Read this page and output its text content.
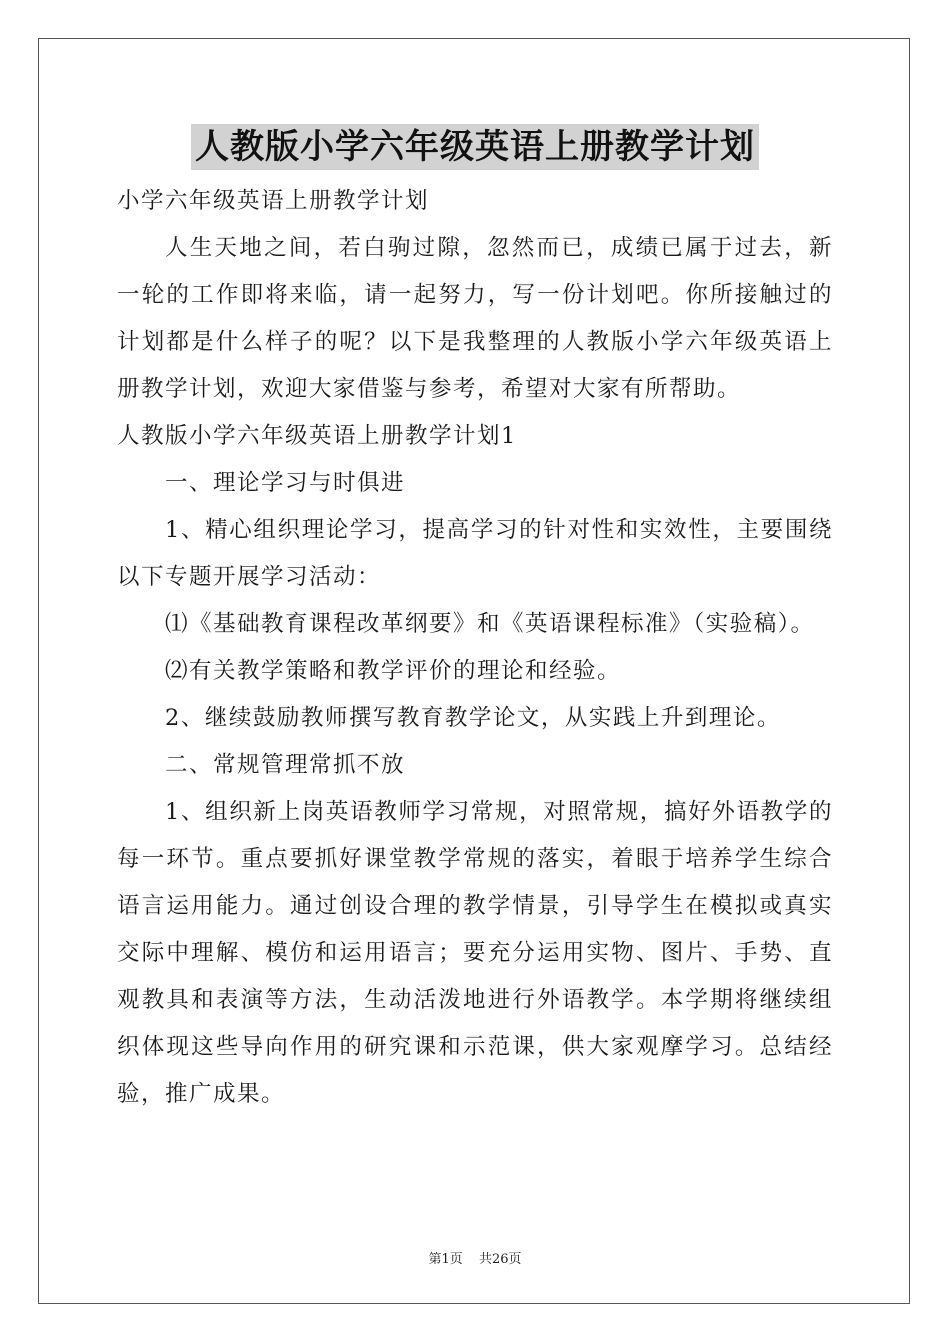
人教版小学六年级英语上册教学计划

小学六年级英语上册教学计划

人生天地之间，若白驹过隙，忽然而已，成绩已属于过去，新一轮的工作即将来临，请一起努力，写一份计划吧。你所接触过的计划都是什么样子的呢？以下是我整理的人教版小学六年级英语上册教学计划，欢迎大家借鉴与参考，希望对大家有所帮助。

人教版小学六年级英语上册教学计划1

一、理论学习与时俱进

1、精心组织理论学习，提高学习的针对性和实效性，主要围绕以下专题开展学习活动：

⑴《基础教育课程改革纲要》和《英语课程标准》（实验稿）。

⑵有关教学策略和教学评价的理论和经验。

2、继续鼓励教师撰写教育教学论文，从实践上升到理论。

二、常规管理常抓不放

1、组织新上岗英语教师学习常规，对照常规，搞好外语教学的每一环节。重点要抓好课堂教学常规的落实，着眼于培养学生综合语言运用能力。通过创设合理的教学情景，引导学生在模拟或真实交际中理解、模仿和运用语言；要充分运用实物、图片、手势、直观教具和表演等方法，生动活泼地进行外语教学。本学期将继续组织体现这些导向作用的研究课和示范课，供大家观摩学习。总结经验，推广成果。

第1页 共26页
